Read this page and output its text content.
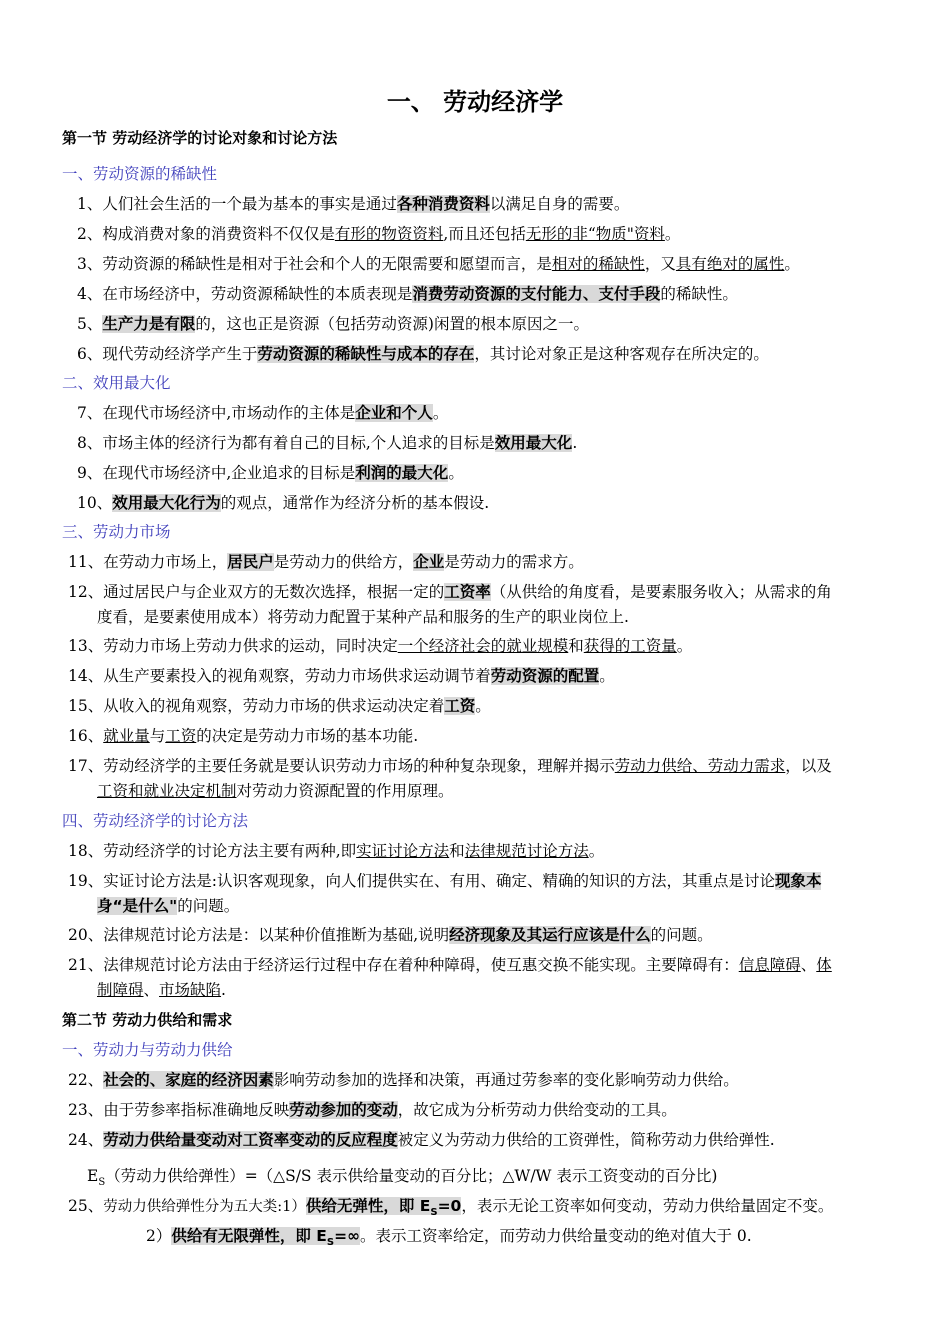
一、 劳动经济学
第一节 劳动经济学的讨论对象和讨论方法
一、劳动资源的稀缺性
1、人们社会生活的一个最为基本的事实是通过各种消费资料以满足自身的需要。
2、构成消费对象的消费资料不仅仅是有形的物资资料,而且还包括无形的非“物质"资料。
3、劳动资源的稀缺性是相对于社会和个人的无限需要和愿望而言，是相对的稀缺性，又具有绝对的属性。
4、在市场经济中，劳动资源稀缺性的本质表现是消费劳动资源的支付能力、支付手段的稀缺性。
5、生产力是有限的，这也正是资源（包括劳动资源)闲置的根本原因之一。
6、现代劳动经济学产生于劳动资源的稀缺性与成本的存在，其讨论对象正是这种客观存在所决定的。
二、效用最大化
7、在现代市场经济中,市场动作的主体是企业和个人。
8、市场主体的经济行为都有着自己的目标,个人追求的目标是效用最大化.
9、在现代市场经济中,企业追求的目标是利润的最大化。
10、效用最大化行为的观点，通常作为经济分析的基本假设.
三、劳动力市场
11、在劳动力市场上，居民户是劳动力的供给方，企业是劳动力的需求方。
12、通过居民户与企业双方的无数次选择，根据一定的工资率（从供给的角度看，是要素服务收入；从需求的角
度看，是要素使用成本）将劳动力配置于某种产品和服务的生产的职业岗位上.
13、劳动力市场上劳动力供求的运动，同时决定一个经济社会的就业规模和获得的工资量。
14、从生产要素投入的视角观察，劳动力市场供求运动调节着劳动资源的配置。
15、从收入的视角观察，劳动力市场的供求运动决定着工资。
16、就业量与工资的决定是劳动力市场的基本功能.
17、劳动经济学的主要任务就是要认识劳动力市场的种种复杂现象，理解并揭示劳动力供给、劳动力需求，以及
工资和就业决定机制对劳动力资源配置的作用原理。
四、劳动经济学的讨论方法
18、劳动经济学的讨论方法主要有两种,即实证讨论方法和法律规范讨论方法。
19、实证讨论方法是:认识客观现象，向人们提供实在、有用、确定、精确的知识的方法，其重点是讨论现象本
身“是什么"的问题。
20、法律规范讨论方法是：以某种价值推断为基础,说明经济现象及其运行应该是什么的问题。
21、法律规范讨论方法由于经济运行过程中存在着种种障碍，使互惠交换不能实现。主要障碍有：信息障碍、体
制障碍、市场缺陷.
第二节 劳动力供给和需求
一、劳动力与劳动力供给
22、社会的、家庭的经济因素影响劳动参加的选择和决策，再通过劳参率的变化影响劳动力供给。
23、由于劳参率指标准确地反映劳动参加的变动，故它成为分析劳动力供给变动的工具。
24、劳动力供给量变动对工资率变动的反应程度被定义为劳动力供给的工资弹性，简称劳动力供给弹性.
$E_S$（劳动力供给弹性）=（△S/S 表示供给量变动的百分比；△W/W 表示工资变动的百分比)
25、劳动力供给弹性分为五大类:1）供给无弹性，即 $E_S=0$，表示无论工资率如何变动，劳动力供给量固定不变。
2）供给有无限弹性，即 $E_S=\infty$。表示工资率给定，而劳动力供给量变动的绝对值大于 0.
